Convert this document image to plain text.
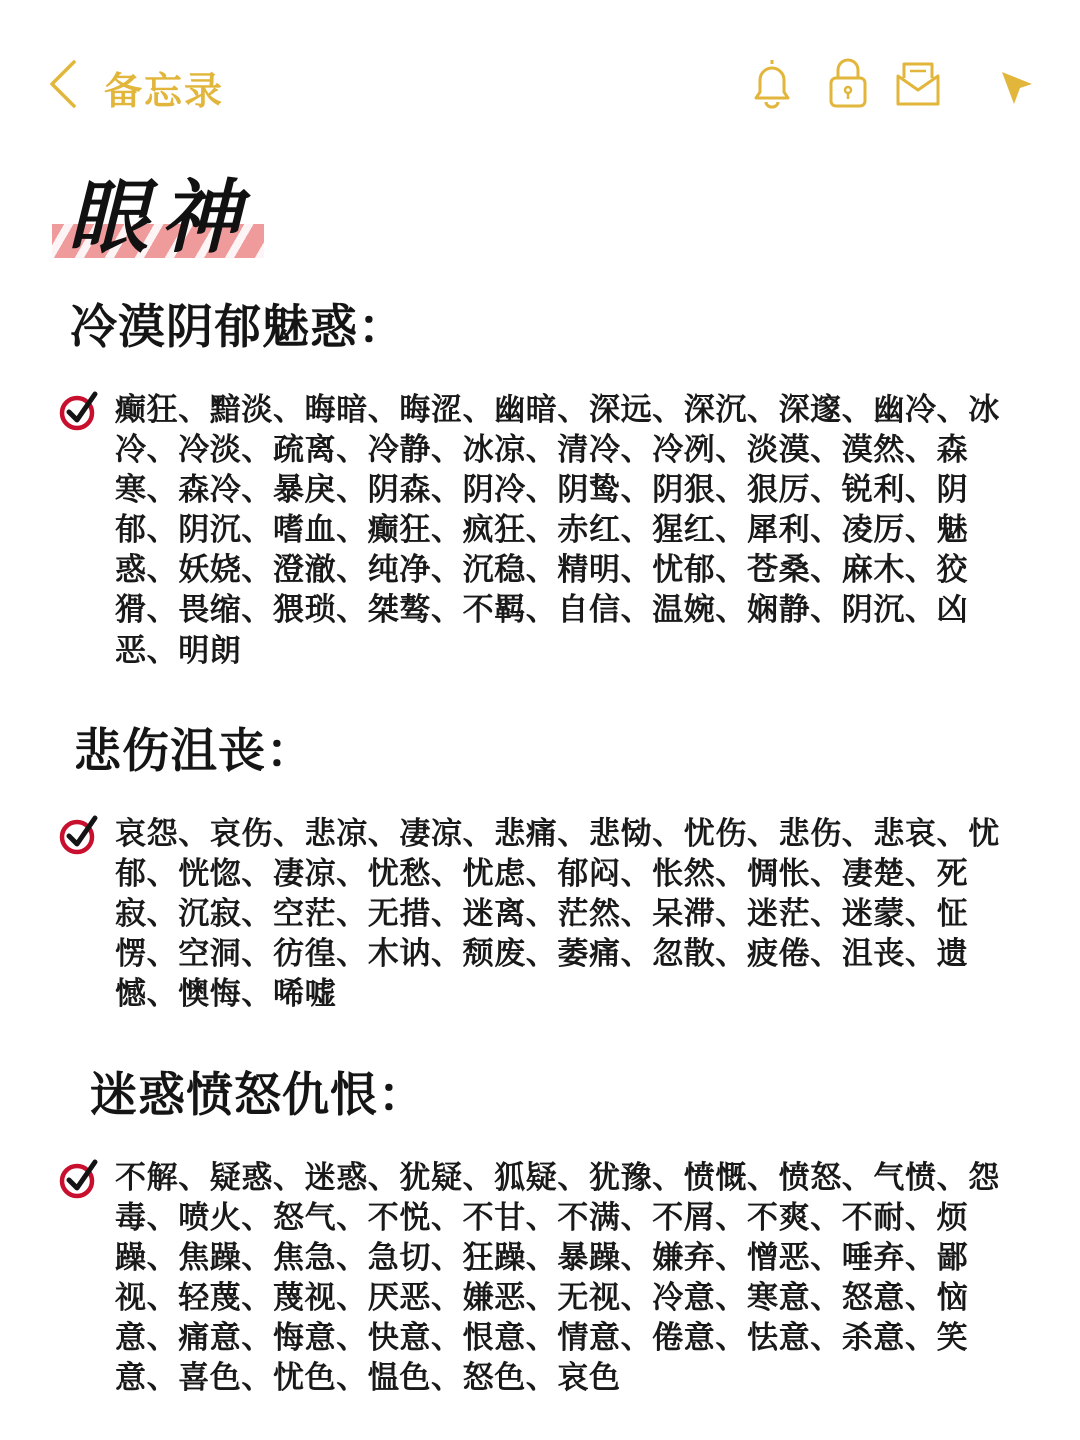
备忘录
眼神
冷漠阴郁魅惑：
癫狂、黯淡、晦暗、晦涩、幽暗、深远、深沉、深邃、幽冷、冰冷、冷淡、疏离、冷静、冰凉、清冷、冷冽、淡漠、漠然、森寒、森冷、暴戾、阴森、阴冷、阴鸷、阴狠、狠厉、锐利、阴郁、阴沉、嗜血、癫狂、疯狂、赤红、猩红、犀利、凌厉、魅惑、妖娆、澄澈、纯净、沉稳、精明、忧郁、苍桑、麻木、狡猾、畏缩、猥琐、桀骜、不羁、自信、温婉、娴静、阴沉、凶恶、明朗
悲伤沮丧：
哀怨、哀伤、悲凉、凄凉、悲痛、悲恸、忧伤、悲伤、悲哀、忧郁、恍惚、凄凉、忧愁、忧虑、郁闷、怅然、惆怅、凄楚、死寂、沉寂、空茫、无措、迷离、茫然、呆滞、迷茫、迷蒙、怔愣、空洞、彷徨、木讷、颓废、萎痛、忽散、疲倦、沮丧、遗憾、懊悔、唏嘘
迷惑愤怒仇恨：
不解、疑惑、迷惑、犹疑、狐疑、犹豫、愤慨、愤怒、气愤、怨毒、喷火、怒气、不悦、不甘、不满、不屑、不爽、不耐、烦躁、焦躁、焦急、急切、狂躁、暴躁、嫌弃、憎恶、唾弃、鄙视、轻蔑、蔑视、厌恶、嫌恶、无视、冷意、寒意、怒意、恼意、痛意、悔意、快意、恨意、情意、倦意、怯意、杀意、笑意、喜色、忧色、愠色、怒色、哀色
